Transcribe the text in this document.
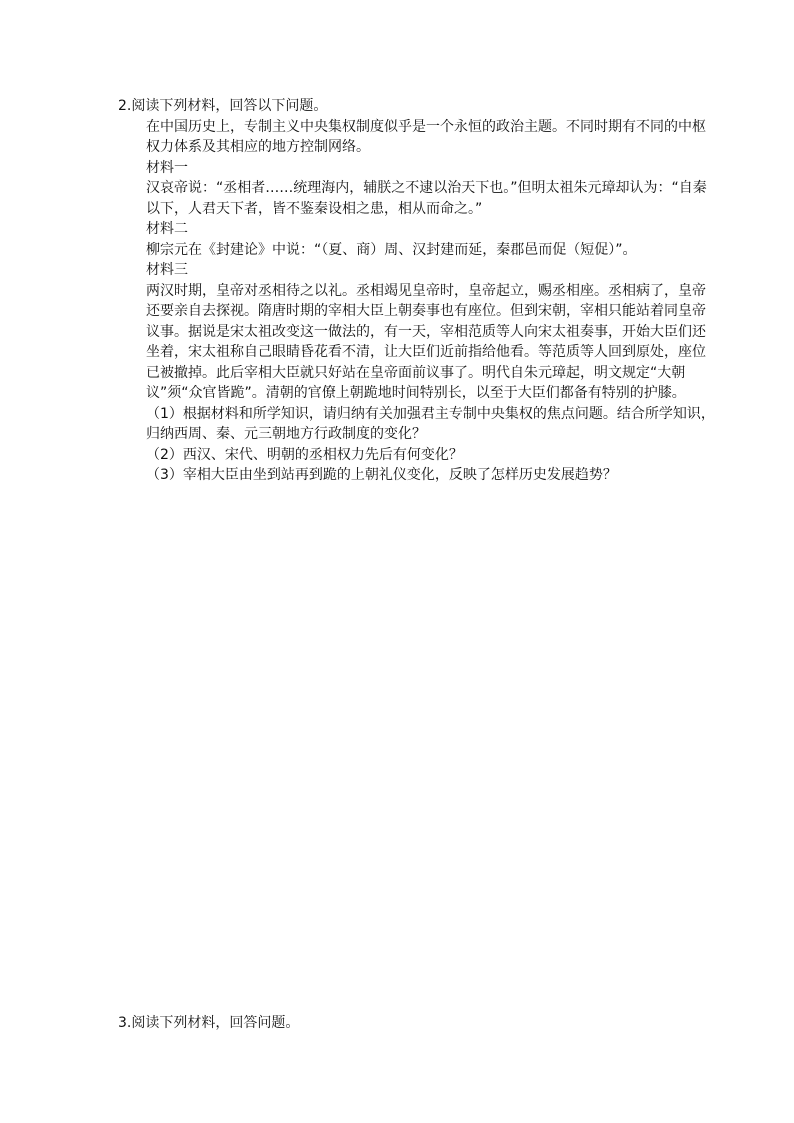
2.阅读下列材料，回答以下问题。

在中国历史上，专制主义中央集权制度似乎是一个永恒的政治主题。不同时期有不同的中枢权力体系及其相应的地方控制网络。

材料一

汉哀帝说：“丞相者……统理海内，辅朕之不逮以治天下也。”但明太祖朱元璋却认为：“自秦以下，人君天下者，皆不鉴秦设相之患，相从而命之。”

材料二

柳宗元在《封建论》中说：“（夏、商）周、汉封建而延，秦郡邑而促（短促）”。

材料三

两汉时期，皇帝对丞相待之以礼。丞相竭见皇帝时，皇帝起立，赐丞相座。丞相病了，皇帝还要亲自去探视。隋唐时期的宰相大臣上朝奏事也有座位。但到宋朝，宰相只能站着同皇帝议事。据说是宋太祖改变这一做法的，有一天，宰相范质等人向宋太祖奏事，开始大臣们还坐着，宋太祖称自己眼睛昏花看不清，让大臣们近前指给他看。等范质等人回到原处，座位已被撤掉。此后宰相大臣就只好站在皇帝面前议事了。明代自朱元璋起，明文规定“大朝议”须“众官皆跪”。清朝的官僚上朝跪地时间特别长，以至于大臣们都备有特别的护膝。

（1）根据材料和所学知识，请归纳有关加强君主专制中央集权的焦点问题。结合所学知识，归纳西周、秦、元三朝地方行政制度的变化？

（2）西汉、宋代、明朝的丞相权力先后有何变化？

（3）宰相大臣由坐到站再到跪的上朝礼仪变化，反映了怎样历史发展趋势？

3.阅读下列材料，回答问题。
